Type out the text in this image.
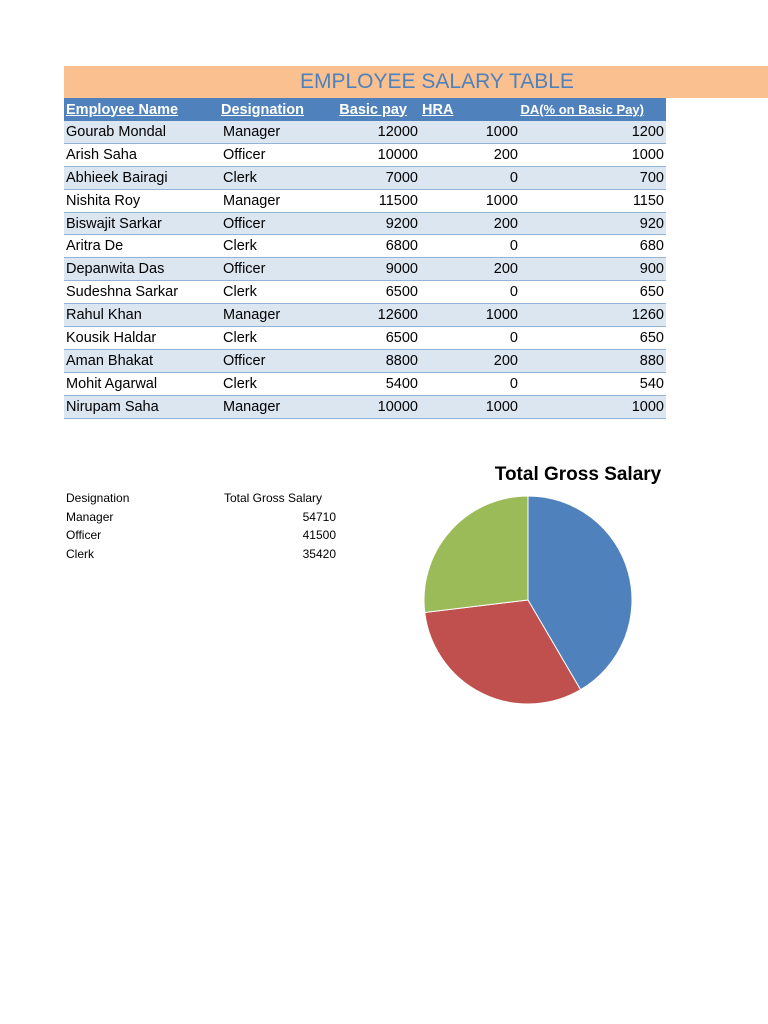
EMPLOYEE SALARY TABLE
Employee Name	Designation	Basic pay	HRA	DA(% on Basic Pay)
Gourab Mondal	Manager	12000	1000	1200
Arish Saha	Officer	10000	200	1000
Abhieek Bairagi	Clerk	7000	0	700
Nishita Roy	Manager	11500	1000	1150
Biswajit Sarkar	Officer	9200	200	920
Aritra De	Clerk	6800	0	680
Depanwita Das	Officer	9000	200	900
Sudeshna Sarkar	Clerk	6500	0	650
Rahul Khan	Manager	12600	1000	1260
Kousik Haldar	Clerk	6500	0	650
Aman Bhakat	Officer	8800	200	880
Mohit Agarwal	Clerk	5400	0	540
Nirupam Saha	Manager	10000	1000	1000
Designation	Total Gross Salary
Manager	54710
Officer	41500
Clerk	35420
Total Gross Salary
